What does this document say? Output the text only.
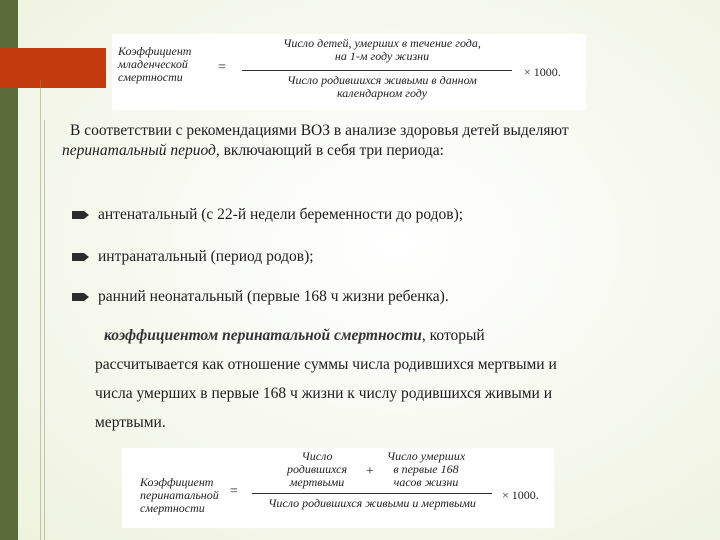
Коэффициент
младенческой
смертности
=
Число детей, умерших в течение года,
на 1-м году жизни
Число родившихся живыми в данном
календарном году
× 1000.
В соответствии с рекомендациями ВОЗ в анализе здоровья детей выделяют
перинатальный период, включающий в себя три периода:
антенатальный (с 22-й недели беременности до родов);
интранатальный (период родов);
ранний неонатальный (первые 168 ч жизни ребенка).
коэффициентом перинатальной смертности, который
рассчитывается как отношение суммы числа родившихся мертвыми и
числа умерших в первые 168 ч жизни к числу родившихся живыми и
мертвыми.
Коэффициент
перинатальной
смертности
=
Число
родившихся
мертвыми
+
Число умерших
в первые 168
часов жизни
Число родившихся живыми и мертвыми
× 1000.
